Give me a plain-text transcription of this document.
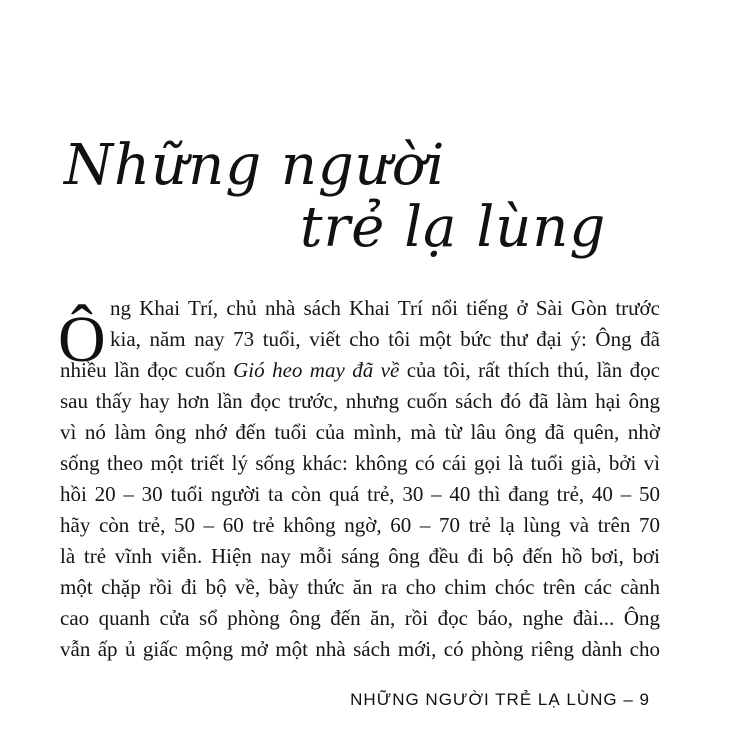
Những người
trẻ lạ lùng
Ô ng Khai Trí, chủ nhà sách Khai Trí nổi tiếng ở Sài Gòn trước
kia, năm nay 73 tuổi, viết cho tôi một bức thư đại ý: Ông đã
nhiều lần đọc cuốn Gió heo may đã về của tôi, rất thích thú, lần đọc
sau thấy hay hơn lần đọc trước, nhưng cuốn sách đó đã làm hại ông
vì nó làm ông nhớ đến tuổi của mình, mà từ lâu ông đã quên, nhờ
sống theo một triết lý sống khác: không có cái gọi là tuổi già, bởi vì
hồi 20 – 30 tuổi người ta còn quá trẻ, 30 – 40 thì đang trẻ, 40 – 50
hãy còn trẻ, 50 – 60 trẻ không ngờ, 60 – 70 trẻ lạ lùng và trên 70
là trẻ vĩnh viễn. Hiện nay mỗi sáng ông đều đi bộ đến hồ bơi, bơi
một chặp rồi đi bộ về, bày thức ăn ra cho chim chóc trên các cành
cao quanh cửa sổ phòng ông đến ăn, rồi đọc báo, nghe đài... Ông
vẫn ấp ủ giấc mộng mở một nhà sách mới, có phòng riêng dành cho
NHỮNG NGƯỜI TRẺ LẠ LÙNG – 9
